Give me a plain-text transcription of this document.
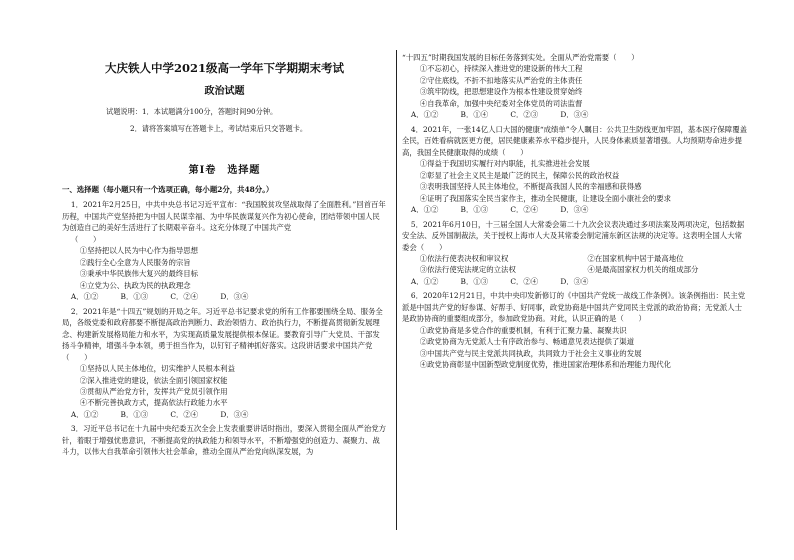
大庆铁人中学2021级高一学年下学期期末考试

政治试题

试题说明：1．本试题满分100分，答题时间90分钟。

2．请将答案填写在答题卡上，考试结束后只交答题卡。

第Ⅰ卷　选择题

一、选择题（每小题只有一个选项正确，每小题2分，共48分。）

1．2021年2月25日，中共中央总书记习近平宣布：“我国脱贫攻坚战取得了全面胜利。”回首百年历程，中国共产党坚持把为中国人民谋幸福、为中华民族谋复兴作为初心使命，团结带领中国人民为创造自己的美好生活进行了长期艰辛奋斗。这充分体现了中国共产党

（　　）

①坚持把以人民为中心作为指导思想

②践行全心全意为人民服务的宗旨

③秉承中华民族伟大复兴的最终目标

④立党为公、执政为民的执政理念

A．①②　　　B．①③　　　C．②④　　　D．③④

2．2021年是“十四五”规划的开局之年。习近平总书记要求党的所有工作都要围绕全局、服务全局，各级党委和政府都要不断提高政治判断力、政治领悟力、政治执行力，不断提高贯彻新发展理念、构建新发展格局能力和水平，为实现高质量发展提供根本保证。要教育引导广大党员、干部发扬斗争精神，增强斗争本领，勇于担当作为，以钉钉子精神抓好落实。这段讲话要求中国共产党（　　）

①坚持以人民主体地位，切实维护人民根本利益

②深入推进党的建设，依法全面引领国家权能

③贯彻从严治党方针，发挥共产党员引领作用

④不断完善执政方式，提高依法行政能力水平

A．①②　　　B．①③　　　C．②④　　　D．③④

3．习近平总书记在十九届中央纪委五次全会上发表重要讲话时指出，要深入贯彻全面从严治党方针，着眼于增强忧患意识，不断提高党的执政能力和领导水平，不断增强党的创造力、凝聚力、战斗力，以伟大自我革命引领伟大社会革命，推动全面从严治党向纵深发展，为

“十四五”时期我国发展的目标任务落到实处。全面从严治党需要（　　）

①不忘初心，持续深入推进党的建设新的伟大工程

②守住底线，不折不扣地落实从严治党的主体责任

③筑牢防线，把思想建设作为根本性建设贯穿始终

④自我革命，加强中央纪委对全体党员的司法监督

A．①②　　　B．①④　　　C．②③　　　D．③④

4．2021年，一张14亿人口大国的健康“成绩单”令人瞩目：公共卫生防线更加牢固，基本医疗保障覆盖全民，百姓看病就医更方便，居民健康素养水平稳步提升，人民身体素质显著增强。人均预期寿命进步提高，我国全民健康取得的成绩（　　）

①得益于我国切实履行对内职能，扎实推进社会发展

②彰显了社会主义民主是最广泛的民主，保障公民的政治权益

③表明我国坚持人民主体地位，不断提高我国人民的幸福感和获得感

④证明了我国落实全民当家作主，推动全民健康，让建设全面小康社会的要求

A．①②　　　B．①③　　　C．②④　　　D．③④

5．2021年6月10日，十三届全国人大常委会第二十九次会议表决通过多项法案及两项决定，包括数据安全法、反外国制裁法，关于授权上海市人大及其常委会制定浦东新区法规的决定等。这表明全国人大常委会（　　）

①依法行使表决权和审议权	②在国家机构中居于最高地位

③依法行使宪法规定的立法权	④是最高国家权力机关的组成部分

A．①②　　　B．①③　　　C．②④　　　D．③④

6．2020年12月21日，中共中央印发新修订的《中国共产党统一战线工作条例》。该条例指出：民主党派是中国共产党的好参谋、好帮手、好同事，政党协商是中国共产党同民主党派的政治协商；无党派人士是政协协商的重要组成部分，参加政党协商。对此，认识正确的是（　　）

①政党协商是多党合作的重要机制，有利于汇聚力量、凝聚共识

②政党协商为无党派人士有序政治参与、畅通意见表达提供了渠道

③中国共产党与民主党派共同执政，共同致力于社会主义事业的发展

④政党协商彰显中国新型政党制度优势，推进国家治理体系和治理能力现代化
